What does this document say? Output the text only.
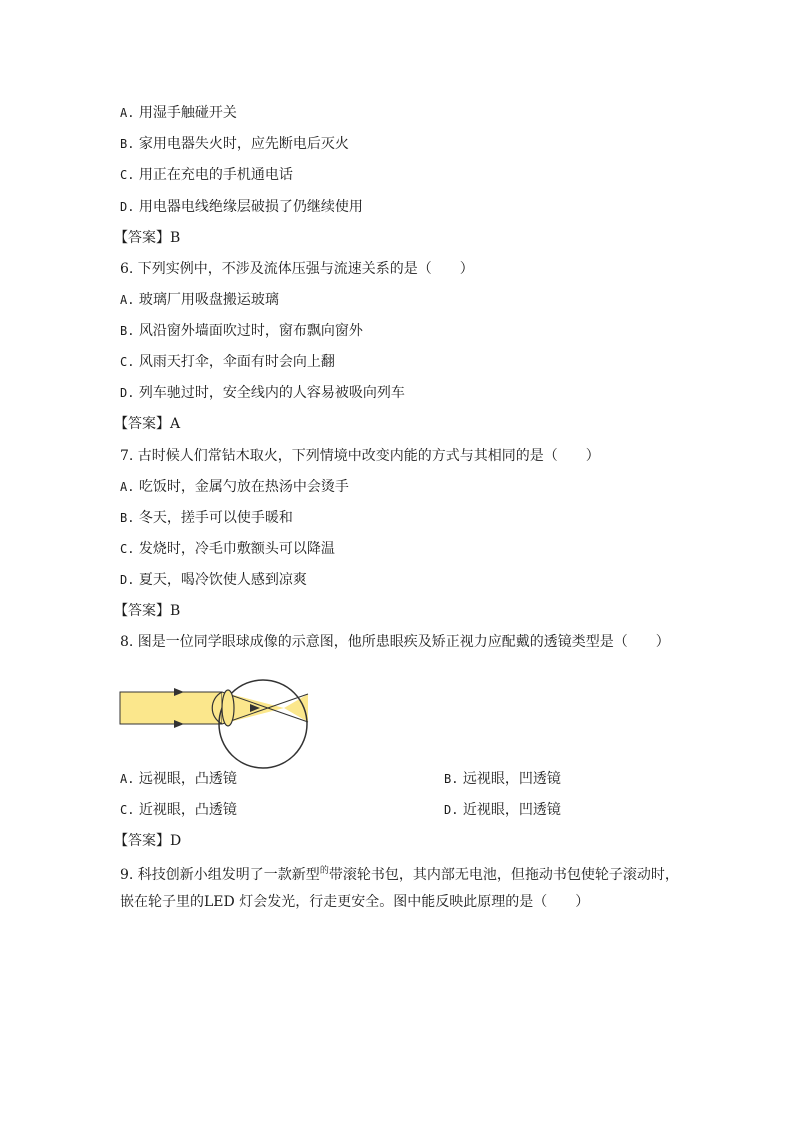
A. 用湿手触碰开关
B. 家用电器失火时，应先断电后灭火
C. 用正在充电的手机通电话
D. 用电器电线绝缘层破损了仍继续使用
【答案】B
6. 下列实例中，不涉及流体压强与流速关系的是（　　）
A. 玻璃厂用吸盘搬运玻璃
B. 风沿窗外墙面吹过时，窗布飘向窗外
C. 风雨天打伞，伞面有时会向上翻
D. 列车驰过时，安全线内的人容易被吸向列车
【答案】A
7. 古时候人们常钻木取火，下列情境中改变内能的方式与其相同的是（　　）
A. 吃饭时，金属勺放在热汤中会烫手
B. 冬天，搓手可以使手暖和
C. 发烧时，冷毛巾敷额头可以降温
D. 夏天，喝冷饮使人感到凉爽
【答案】B
8. 图是一位同学眼球成像的示意图，他所患眼疾及矫正视力应配戴的透镜类型是（　　）
A. 远视眼，凸透镜	B. 远视眼，凹透镜
C. 近视眼，凸透镜	D. 近视眼，凹透镜
【答案】D
9. 科技创新小组发明了一款新型$^的$带滚轮书包，其内部无电池，但拖动书包使轮子滚动时，
嵌在轮子里的LED 灯会发光，行走更安全。图中能反映此原理的是（　　）
